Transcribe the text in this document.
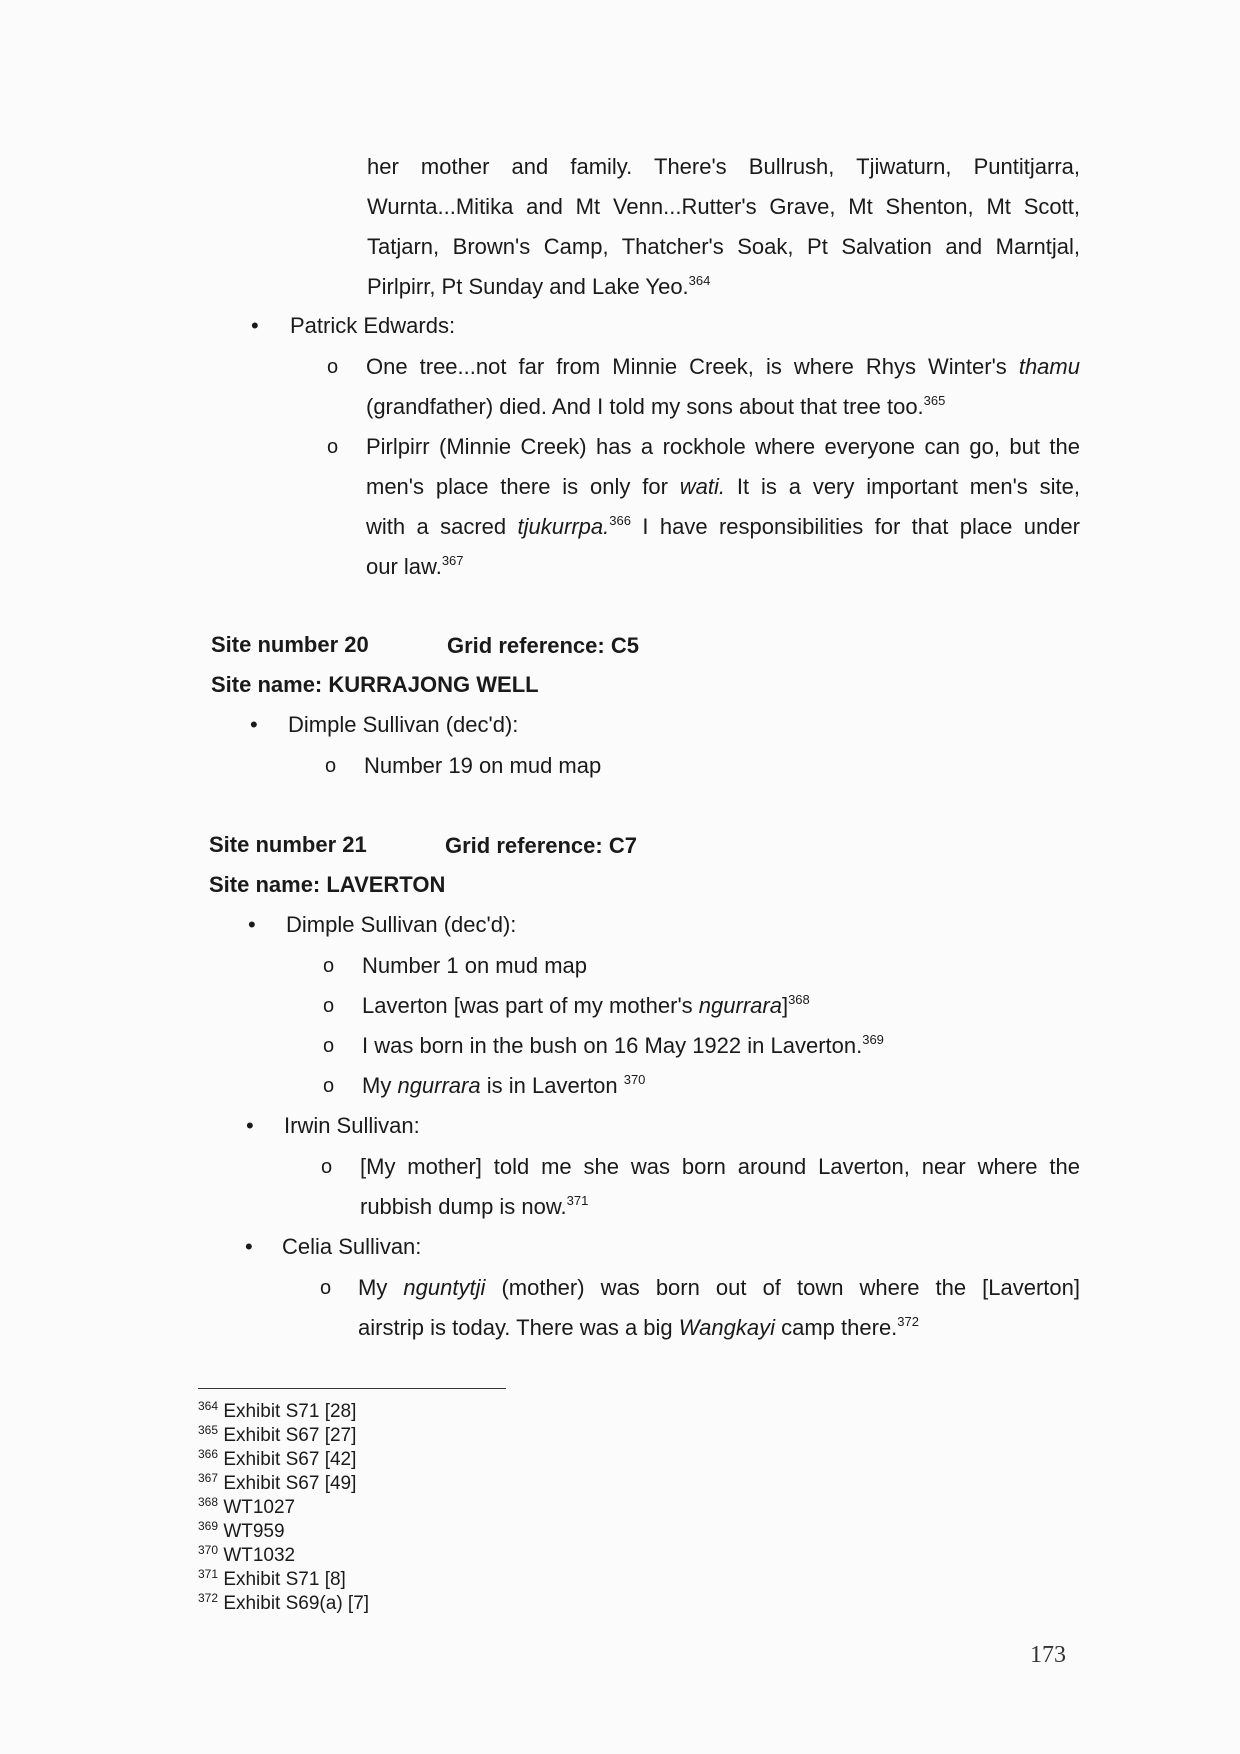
her mother and family. There's Bullrush, Tjiwaturn, Puntitjarra,
Wurnta...Mitika and Mt Venn...Rutter's Grave, Mt Shenton, Mt Scott,
Tatjarn, Brown's Camp, Thatcher's Soak, Pt Salvation and Marntjal,
Pirlpirr, Pt Sunday and Lake Yeo.$^{364}$
• Patrick Edwards:
o One tree...not far from Minnie Creek, is where Rhys Winter's thamu
(grandfather) died. And I told my sons about that tree too.$^{365}$
o Pirlpirr (Minnie Creek) has a rockhole where everyone can go, but the
men's place there is only for wati. It is a very important men's site,
with a sacred tjukurrpa.$^{366}$ I have responsibilities for that place under
our law.$^{367}$
Site number 20	Grid reference: C5
Site name: KURRAJONG WELL
• Dimple Sullivan (dec'd):
o Number 19 on mud map
Site number 21	Grid reference: C7
Site name: LAVERTON
• Dimple Sullivan (dec'd):
o Number 1 on mud map
o Laverton [was part of my mother's ngurrara]$^{368}$
o I was born in the bush on 16 May 1922 in Laverton.$^{369}$
o My ngurrara is in Laverton $^{370}$
• Irwin Sullivan:
o [My mother] told me she was born around Laverton, near where the
rubbish dump is now.$^{371}$
• Celia Sullivan:
o My nguntytji (mother) was born out of town where the [Laverton]
airstrip is today. There was a big Wangkayi camp there.$^{372}$
$^{364}$ Exhibit S71 [28]
$^{365}$ Exhibit S67 [27]
$^{366}$ Exhibit S67 [42]
$^{367}$ Exhibit S67 [49]
$^{368}$ WT1027
$^{369}$ WT959
$^{370}$ WT1032
$^{371}$ Exhibit S71 [8]
$^{372}$ Exhibit S69(a) [7]
173
